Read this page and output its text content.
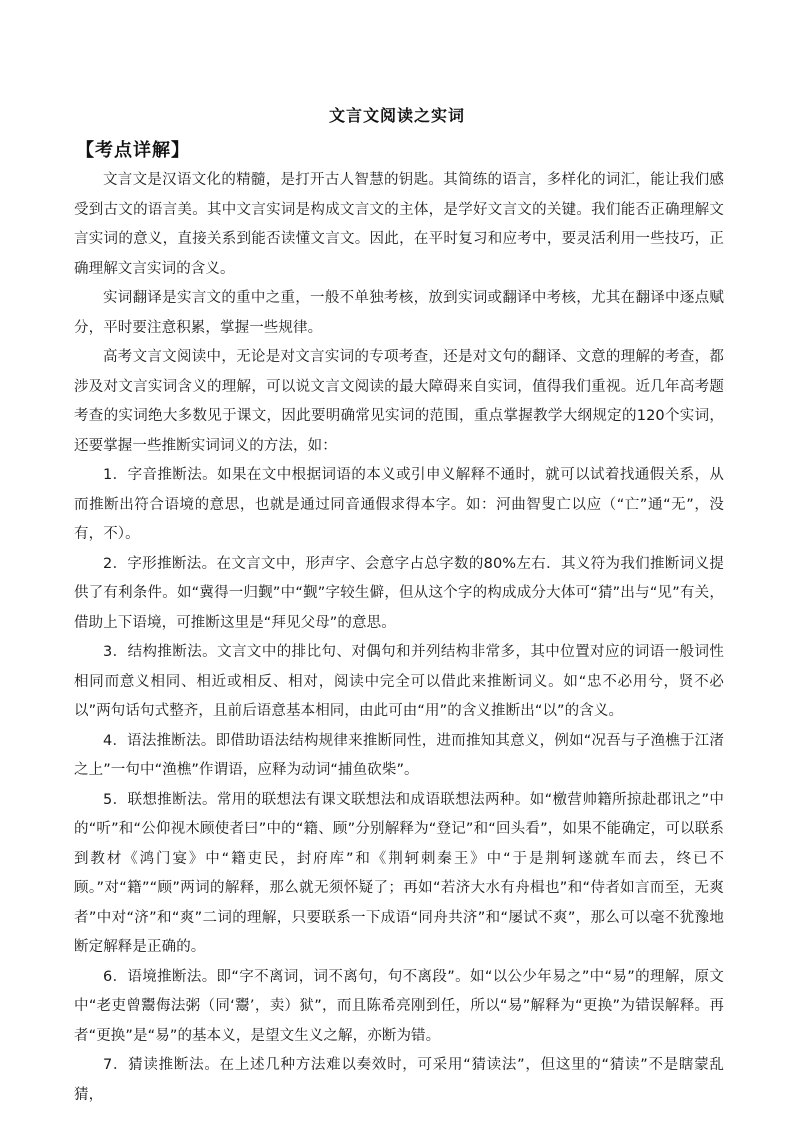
文言文阅读之实词
【考点详解】

文言文是汉语文化的精髓，是打开古人智慧的钥匙。其简练的语言，多样化的词汇，能让我们感受到古文的语言美。其中文言实词是构成文言文的主体，是学好文言文的关键。我们能否正确理解文言实词的意义，直接关系到能否读懂文言文。因此，在平时复习和应考中，要灵活利用一些技巧，正确理解文言实词的含义。

实词翻译是实言文的重中之重，一般不单独考核，放到实词或翻译中考核，尤其在翻译中逐点赋分，平时要注意积累，掌握一些规律。

高考文言文阅读中，无论是对文言实词的专项考查，还是对文句的翻译、文意的理解的考查，都涉及对文言实词含义的理解，可以说文言文阅读的最大障碍来自实词，值得我们重视。近几年高考题考查的实词绝大多数见于课文，因此要明确常见实词的范围，重点掌握教学大纲规定的120个实词，还要掌握一些推断实词词义的方法，如：

1．字音推断法。如果在文中根据词语的本义或引申义解释不通时，就可以试着找通假关系，从而推断出符合语境的意思，也就是通过同音通假求得本字。如：河曲智叟亡以应（“亡”通“无”，没有，不）。

2．字形推断法。在文言文中，形声字、会意字占总字数的80%左右．其义符为我们推断词义提供了有利条件。如“冀得一归觐”中“觐”字较生僻，但从这个字的构成成分大体可“猜”出与“见”有关，借助上下语境，可推断这里是“拜见父母”的意思。

3．结构推断法。文言文中的排比句、对偶句和并列结构非常多，其中位置对应的词语一般词性相同而意义相同、相近或相反、相对，阅读中完全可以借此来推断词义。如“忠不必用兮，贤不必以”两句话句式整齐，且前后语意基本相同，由此可由“用”的含义推断出“以”的含义。

4．语法推断法。即借助语法结构规律来推断同性，进而推知其意义，例如“况吾与子渔樵于江渚之上”一句中“渔樵”作谓语，应释为动词“捕鱼砍柴”。

5．联想推断法。常用的联想法有课文联想法和成语联想法两种。如“檄营帅籍所掠赴郡讯之”中的“听”和“公仰视木顾使者曰”中的“籍、顾”分别解释为“登记”和“回头看”，如果不能确定，可以联系到教材《鸿门宴》中“籍吏民，封府库”和《荆轲刺秦王》中“于是荆轲遂就车而去，终已不顾。”对“籍”“顾”两词的解释，那么就无须怀疑了；再如“若济大水有舟楫也”和“侍者如言而至，无爽者”中对“济”和“爽”二词的理解，只要联系一下成语“同舟共济”和“屡试不爽”，那么可以毫不犹豫地断定解释是正确的。

6．语境推断法。即“字不离词，词不离句，句不离段”。如“以公少年易之”中“易”的理解，原文中“老吏曾鬻侮法粥（同‘鬻’，卖）狱”，而且陈希亮刚到任，所以“易”解释为“更换”为错误解释。再者“更换”是“易”的基本义，是望文生义之解，亦断为错。

7．猜读推断法。在上述几种方法难以奏效时，可采用“猜读法”，但这里的“猜读”不是瞎蒙乱猜，
